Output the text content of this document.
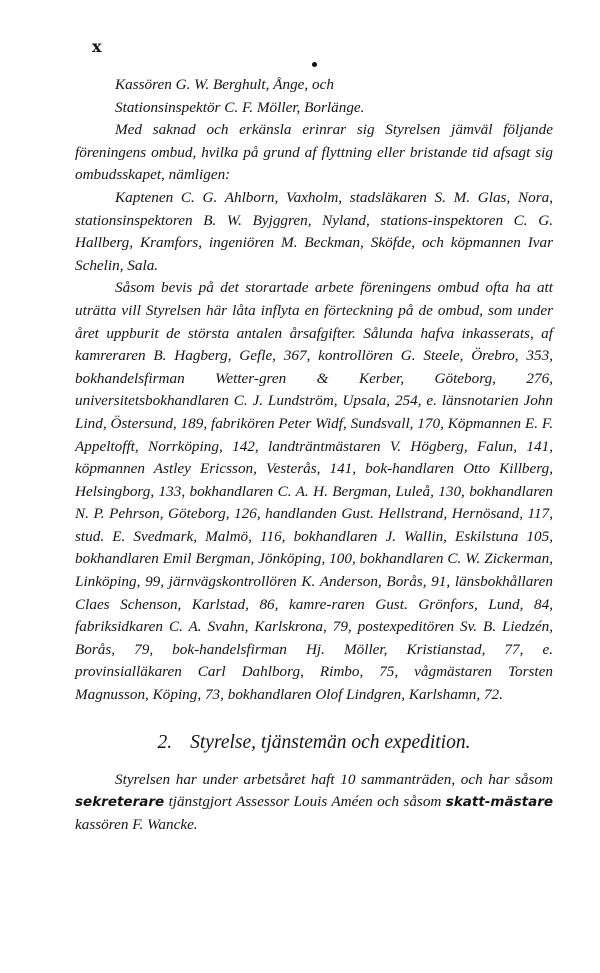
x

Kassören G. W. Berghult, Ånge, och

Stationsinspektör C. F. Möller, Borlänge.

Med saknad och erkänsla erinrar sig Styrelsen jämväl följande föreningens ombud, hvilka på grund af flyttning eller bristande tid afsagt sig ombudsskapet, nämligen:

Kaptenen C. G. Ahlborn, Vaxholm, stadsläkaren S. M. Glas, Nora, stationsinspektoren B. W. Byjggren, Nyland, stations-inspektoren C. G. Hallberg, Kramfors, ingeniören M. Beckman, Sköfde, och köpmannen Ivar Schelin, Sala.

Såsom bevis på det storartade arbete föreningens ombud ofta ha att uträtta vill Styrelsen här låta inflyta en förteckning på de ombud, som under året uppburit de största antalen årsafgifter. Sålunda hafva inkasserats, af kamreraren B. Hagberg, Gefle, 367, kontrollören G. Steele, Örebro, 353, bokhandelsfirman Wetter-gren & Kerber, Göteborg, 276, universitetsbokhandlaren C. J. Lundström, Upsala, 254, e. länsnotarien John Lind, Östersund, 189, fabrikören Peter Widf, Sundsvall, 170, Köpmannen E. F. Appeltofft, Norrköping, 142, landträntmästaren V. Högberg, Falun, 141, köpmannen Astley Ericsson, Vesterås, 141, bok-handlaren Otto Killberg, Helsingborg, 133, bokhandlaren C. A. H. Bergman, Luleå, 130, bokhandlaren N. P. Pehrson, Göteborg, 126, handlanden Gust. Hellstrand, Hernösand, 117, stud. E. Svedmark, Malmö, 116, bokhandlaren J. Wallin, Eskilstuna 105, bokhandlaren Emil Bergman, Jönköping, 100, bokhandlaren C. W. Zickerman, Linköping, 99, järnvägskontrollören K. Anderson, Borås, 91, länsbokhållaren Claes Schenson, Karlstad, 86, kamre-raren Gust. Grönfors, Lund, 84, fabriksidkaren C. A. Svahn, Karlskrona, 79, postexpeditören Sv. B. Liedzén, Borås, 79, bok-handelsfirman Hj. Möller, Kristianstad, 77, e. provinsialläkaren Carl Dahlborg, Rimbo, 75, vågmästaren Torsten Magnusson, Köping, 73, bokhandlaren Olof Lindgren, Karlshamn, 72.

2. Styrelse, tjänstemän och expedition.

Styrelsen har under arbetsåret haft 10 sammanträden, och har såsom sekreterare tjänstgjort Assessor Louis Améen och såsom skatt-mästare kassören F. Wancke.
